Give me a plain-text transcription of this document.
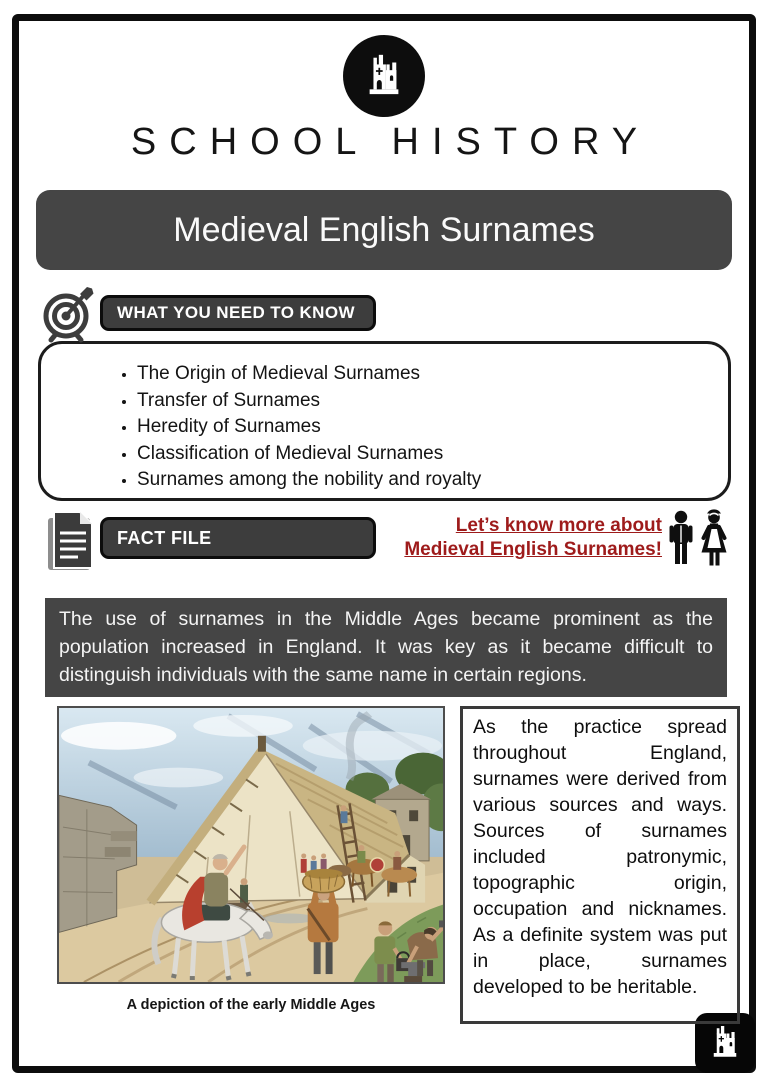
SCHOOL HISTORY
Medieval English Surnames
WHAT YOU NEED TO KNOW
• The Origin of Medieval Surnames
• Transfer of Surnames
• Heredity of Surnames
• Classification of Medieval Surnames
• Surnames among the nobility and royalty
FACT FILE
Let’s know more about
Medieval English Surnames!
The use of surnames in the Middle Ages became prominent as the population increased in England. It was key as it became difficult to distinguish individuals with the same name in certain regions.
A depiction of the early Middle Ages
As the practice spread throughout England, surnames were derived from various sources and ways. Sources of surnames included patronymic, topographic origin, occupation and nicknames. As a definite system was put in place, surnames developed to be heritable.
